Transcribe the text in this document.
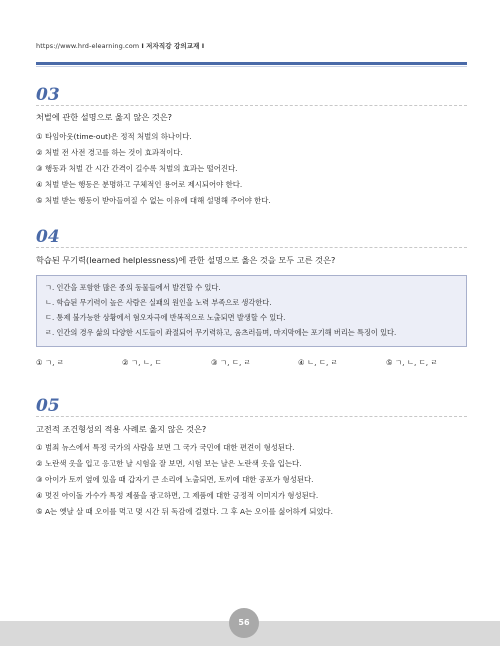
https://www.hrd-elearning.com I 저자직강 강의교재 I
03
처벌에 관한 설명으로 옳지 않은 것은?
① 타임아웃(time-out)은 정적 처벌의 하나이다.
② 처벌 전 사전 경고를 하는 것이 효과적이다.
③ 행동과 처벌 간 시간 간격이 길수록 처벌의 효과는 떨어진다.
④ 처벌 받는 행동은 분명하고 구체적인 용어로 제시되어야 한다.
⑤ 처벌 받는 행동이 받아들여질 수 없는 이유에 대해 설명해 주어야 한다.
04
학습된 무기력(learned helplessness)에 관한 설명으로 옳은 것을 모두 고른 것은?
ㄱ. 인간을 포함한 많은 종의 동물들에서 발견할 수 있다.
ㄴ. 학습된 무기력이 높은 사람은 실패의 원인을 노력 부족으로 생각한다.
ㄷ. 통제 불가능한 상황에서 혐오자극에 반복적으로 노출되면 발생할 수 있다.
ㄹ. 인간의 경우 삶의 다양한 시도들이 좌절되어 무기력하고, 움츠러들며, 마지막에는 포기해 버리는 특징이 있다.
① ㄱ, ㄹ	② ㄱ, ㄴ, ㄷ	③ ㄱ, ㄷ, ㄹ	④ ㄴ, ㄷ, ㄹ	⑤ ㄱ, ㄴ, ㄷ, ㄹ
05
고전적 조건형성의 적용 사례로 옳지 않은 것은?
① 범죄 뉴스에서 특정 국가의 사람을 보면 그 국가 국민에 대한 편견이 형성된다.
② 노란색 옷을 입고 응고한 날 시험을 잘 보면, 시험 보는 날은 노란색 옷을 입는다.
③ 아이가 토끼 옆에 있을 때 갑자기 큰 소리에 노출되면, 토끼에 대한 공포가 형성된다.
④ 멋진 아이돌 가수가 특정 제품을 광고하면, 그 제품에 대한 긍정적 이미지가 형성된다.
⑤ A는 옛날 살 때 오이를 먹고 몇 시간 뒤 독감에 걸렸다. 그 후 A는 오이를 싫어하게 되었다.
56
